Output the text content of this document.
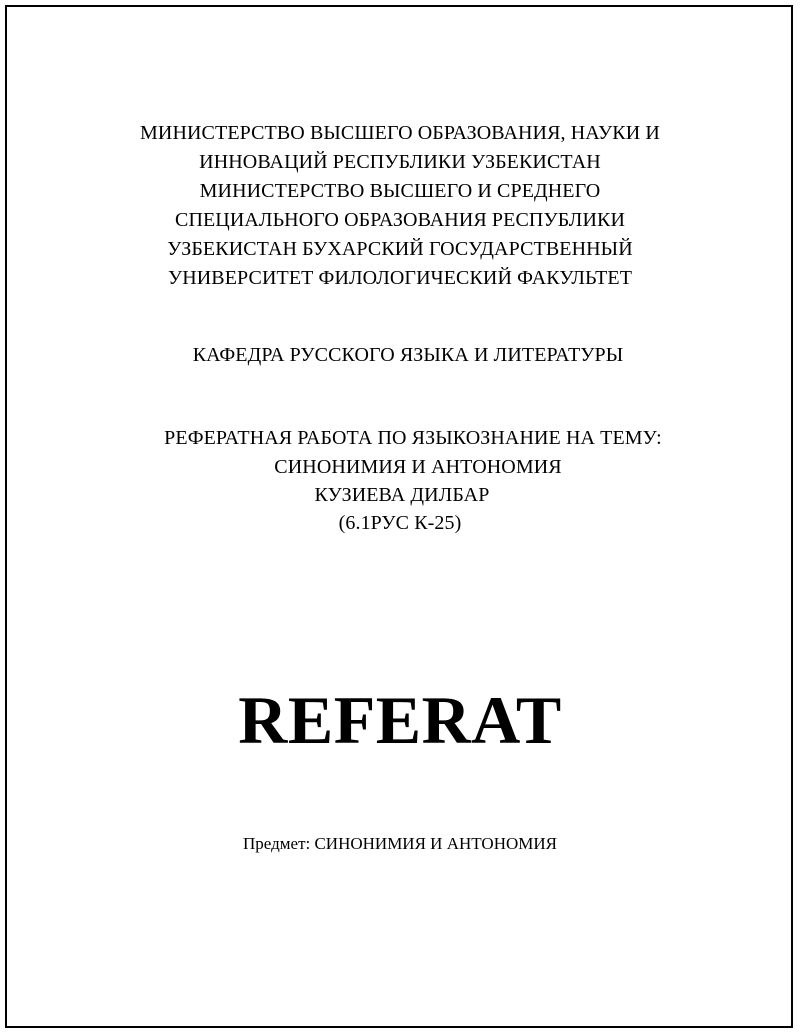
МИНИСТЕРСТВО ВЫСШЕГО ОБРАЗОВАНИЯ, НАУКИ И
ИННОВАЦИЙ РЕСПУБЛИКИ УЗБЕКИСТАН
МИНИСТЕРСТВО ВЫСШЕГО И СРЕДНЕГО
СПЕЦИАЛЬНОГО ОБРАЗОВАНИЯ РЕСПУБЛИКИ
УЗБЕКИСТАН БУХАРСКИЙ ГОСУДАРСТВЕННЫЙ
УНИВЕРСИТЕТ ФИЛОЛОГИЧЕСКИЙ ФАКУЛЬТЕТ
КАФЕДРА РУССКОГО ЯЗЫКА И ЛИТЕРАТУРЫ
РЕФЕРАТНАЯ РАБОТА ПО ЯЗЫКОЗНАНИЕ НА ТЕМУ:
СИНОНИМИЯ И АНТОНОМИЯ
КУЗИЕВА ДИЛБАР
(6.1РУС К-25)
REFERAT
Предмет: СИНОНИМИЯ И АНТОНОМИЯ
